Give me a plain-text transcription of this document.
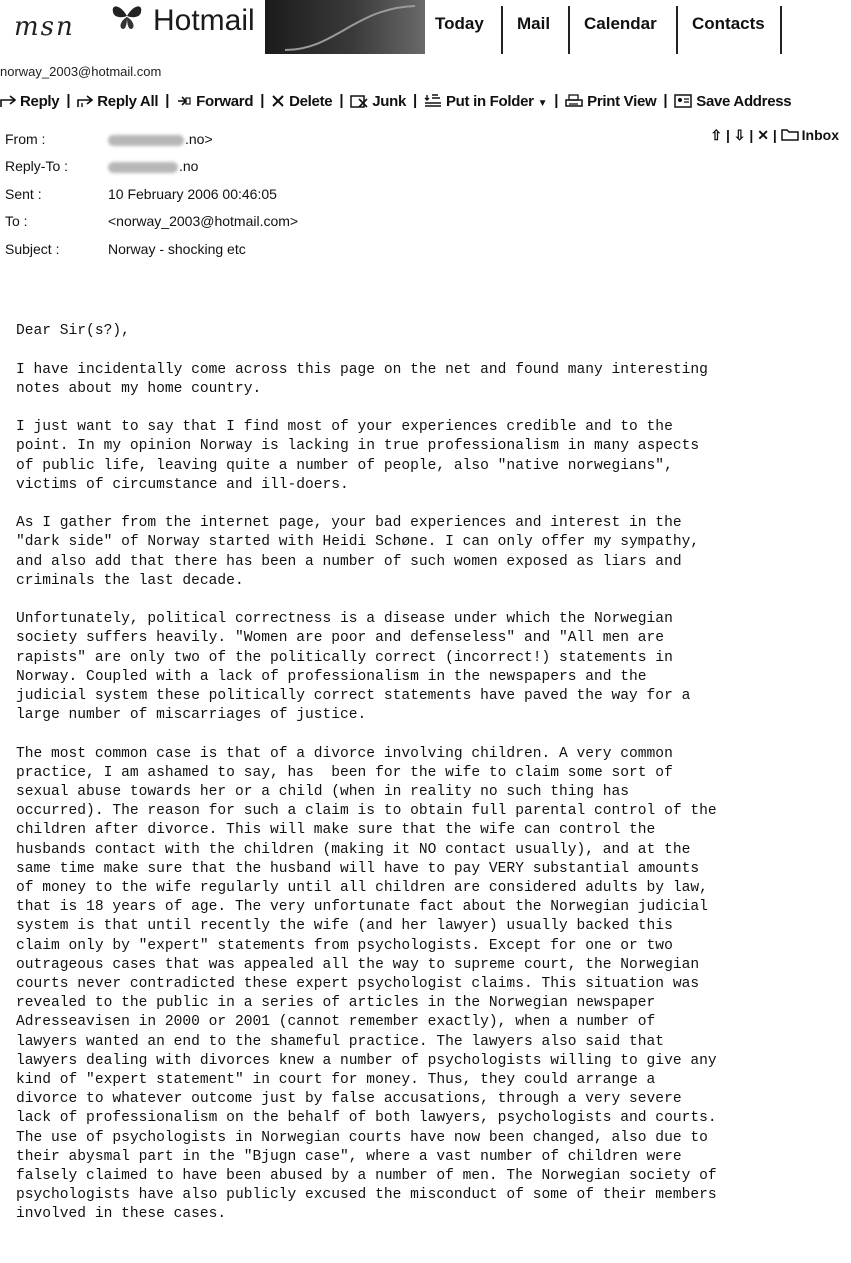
msn	Hotmail	Today Mail Calendar Contacts
norway_2003@hotmail.com
Reply | Reply All | Forward | Delete | Junk | Put in Folder ▼ | Print View | Save Address
⇧ | ⇩ | ✕ | Inbox
From :	.no>
Reply-To :	.no
Sent :	10 February 2006 00:46:05
To :	<norway_2003@hotmail.com>
Subject :	Norway - shocking etc

Dear Sir(s?),
I have incidentally come across this page on the net and found many interesting
notes about my home country.
I just want to say that I find most of your experiences credible and to the
point. In my opinion Norway is lacking in true professionalism in many aspects
of public life, leaving quite a number of people, also "native norwegians",
victims of circumstance and ill-doers.
As I gather from the internet page, your bad experiences and interest in the
"dark side" of Norway started with Heidi Schøne. I can only offer my sympathy,
and also add that there has been a number of such women exposed as liars and
criminals the last decade.
Unfortunately, political correctness is a disease under which the Norwegian
society suffers heavily. "Women are poor and defenseless" and "All men are
rapists" are only two of the politically correct (incorrect!) statements in
Norway. Coupled with a lack of professionalism in the newspapers and the
judicial system these politically correct statements have paved the way for a
large number of miscarriages of justice.
The most common case is that of a divorce involving children. A very common
practice, I am ashamed to say, has  been for the wife to claim some sort of
sexual abuse towards her or a child (when in reality no such thing has
occurred). The reason for such a claim is to obtain full parental control of the
children after divorce. This will make sure that the wife can control the
husbands contact with the children (making it NO contact usually), and at the
same time make sure that the husband will have to pay VERY substantial amounts
of money to the wife regularly until all children are considered adults by law,
that is 18 years of age. The very unfortunate fact about the Norwegian judicial
system is that until recently the wife (and her lawyer) usually backed this
claim only by "expert" statements from psychologists. Except for one or two
outrageous cases that was appealed all the way to supreme court, the Norwegian
courts never contradicted these expert psychologist claims. This situation was
revealed to the public in a series of articles in the Norwegian newspaper
Adresseavisen in 2000 or 2001 (cannot remember exactly), when a number of
lawyers wanted an end to the shameful practice. The lawyers also said that
lawyers dealing with divorces knew a number of psychologists willing to give any
kind of "expert statement" in court for money. Thus, they could arrange a
divorce to whatever outcome just by false accusations, through a very severe
lack of professionalism on the behalf of both lawyers, psychologists and courts.
The use of psychologists in Norwegian courts have now been changed, also due to
their abysmal part in the "Bjugn case", where a vast number of children were
falsely claimed to have been abused by a number of men. The Norwegian society of
psychologists have also publicly excused the misconduct of some of their members
involved in these cases.
